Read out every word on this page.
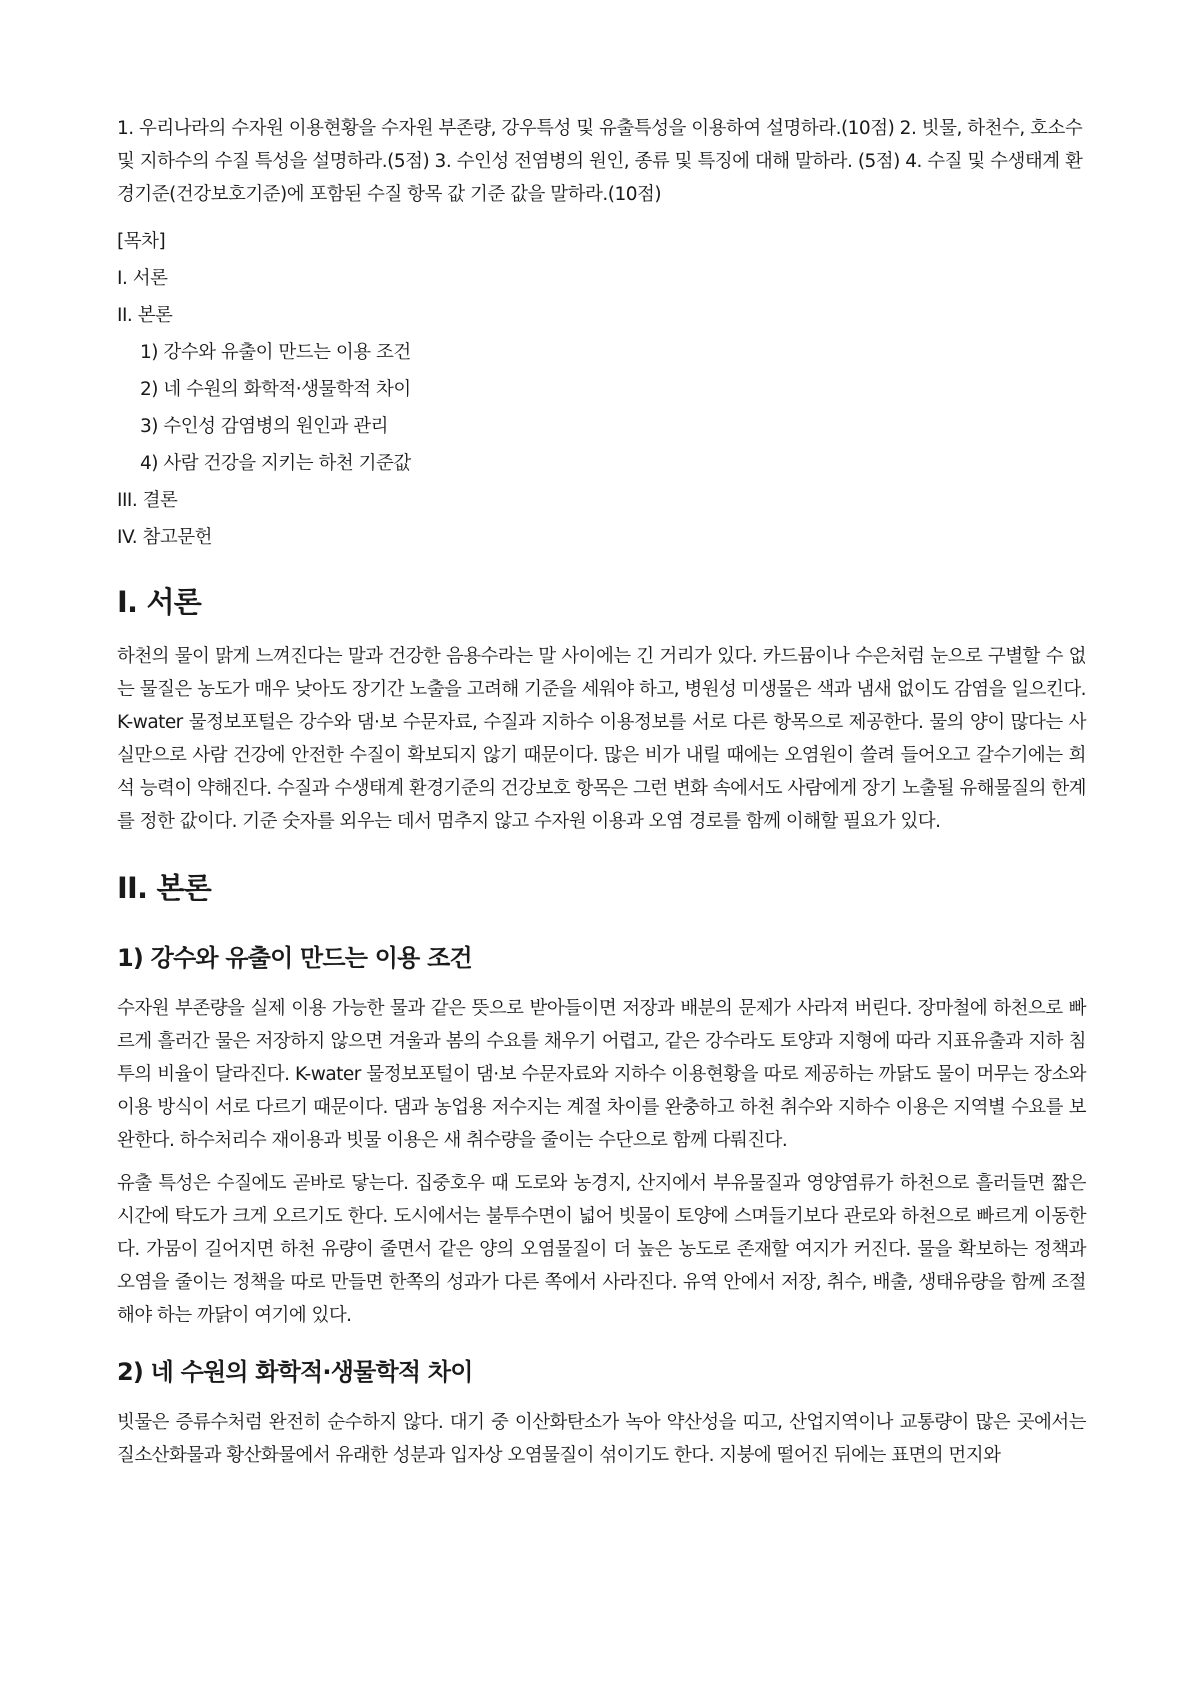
1. 우리나라의 수자원 이용현황을 수자원 부존량, 강우특성 및 유출특성을 이용하여 설명하라.(10점) 2. 빗물, 하천수, 호소수 및 지하수의 수질 특성을 설명하라.(5점) 3. 수인성 전염병의 원인, 종류 및 특징에 대해 말하라. (5점) 4. 수질 및 수생태계 환경기준(건강보호기준)에 포함된 수질 항목 값 기준 값을 말하라.(10점)

[목차]

I. 서론

II. 본론

1) 강수와 유출이 만드는 이용 조건

2) 네 수원의 화학적·생물학적 차이

3) 수인성 감염병의 원인과 관리

4) 사람 건강을 지키는 하천 기준값

III. 결론

IV. 참고문헌

I. 서론

하천의 물이 맑게 느껴진다는 말과 건강한 음용수라는 말 사이에는 긴 거리가 있다. 카드뮴이나 수은처럼 눈으로 구별할 수 없는 물질은 농도가 매우 낮아도 장기간 노출을 고려해 기준을 세워야 하고, 병원성 미생물은 색과 냄새 없이도 감염을 일으킨다. K-water 물정보포털은 강수와 댐·보 수문자료, 수질과 지하수 이용정보를 서로 다른 항목으로 제공한다. 물의 양이 많다는 사실만으로 사람 건강에 안전한 수질이 확보되지 않기 때문이다. 많은 비가 내릴 때에는 오염원이 쓸려 들어오고 갈수기에는 희석 능력이 약해진다. 수질과 수생태계 환경기준의 건강보호 항목은 그런 변화 속에서도 사람에게 장기 노출될 유해물질의 한계를 정한 값이다. 기준 숫자를 외우는 데서 멈추지 않고 수자원 이용과 오염 경로를 함께 이해할 필요가 있다.

II. 본론
1) 강수와 유출이 만드는 이용 조건

수자원 부존량을 실제 이용 가능한 물과 같은 뜻으로 받아들이면 저장과 배분의 문제가 사라져 버린다. 장마철에 하천으로 빠르게 흘러간 물은 저장하지 않으면 겨울과 봄의 수요를 채우기 어렵고, 같은 강수라도 토양과 지형에 따라 지표유출과 지하 침투의 비율이 달라진다. K-water 물정보포털이 댐·보 수문자료와 지하수 이용현황을 따로 제공하는 까닭도 물이 머무는 장소와 이용 방식이 서로 다르기 때문이다. 댐과 농업용 저수지는 계절 차이를 완충하고 하천 취수와 지하수 이용은 지역별 수요를 보완한다. 하수처리수 재이용과 빗물 이용은 새 취수량을 줄이는 수단으로 함께 다뤄진다.

유출 특성은 수질에도 곧바로 닿는다. 집중호우 때 도로와 농경지, 산지에서 부유물질과 영양염류가 하천으로 흘러들면 짧은 시간에 탁도가 크게 오르기도 한다. 도시에서는 불투수면이 넓어 빗물이 토양에 스며들기보다 관로와 하천으로 빠르게 이동한다. 가뭄이 길어지면 하천 유량이 줄면서 같은 양의 오염물질이 더 높은 농도로 존재할 여지가 커진다. 물을 확보하는 정책과 오염을 줄이는 정책을 따로 만들면 한쪽의 성과가 다른 쪽에서 사라진다. 유역 안에서 저장, 취수, 배출, 생태유량을 함께 조절해야 하는 까닭이 여기에 있다.

2) 네 수원의 화학적·생물학적 차이

빗물은 증류수처럼 완전히 순수하지 않다. 대기 중 이산화탄소가 녹아 약산성을 띠고, 산업지역이나 교통량이 많은 곳에서는 질소산화물과 황산화물에서 유래한 성분과 입자상 오염물질이 섞이기도 한다. 지붕에 떨어진 뒤에는 표면의 먼지와
